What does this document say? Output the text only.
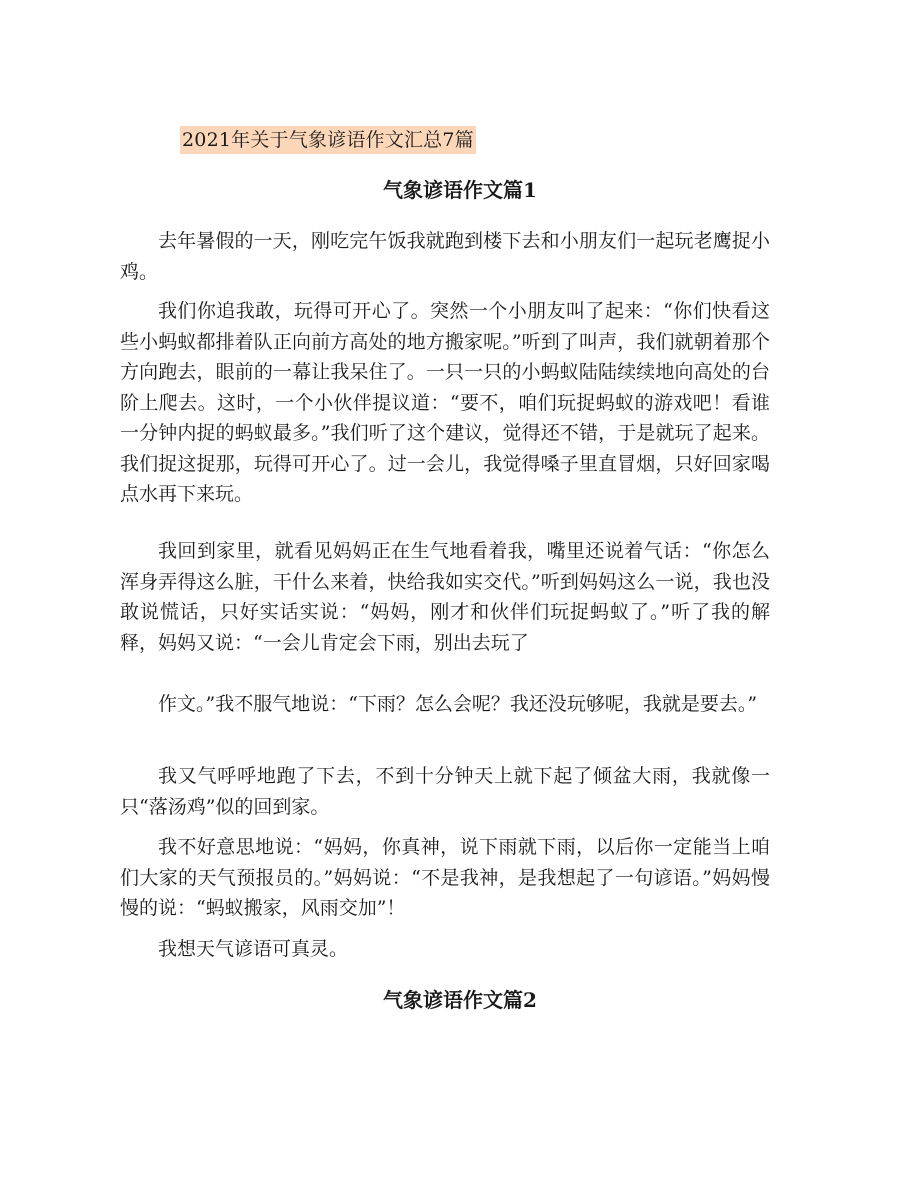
2021年关于气象谚语作文汇总7篇
气象谚语作文篇1

去年暑假的一天，刚吃完午饭我就跑到楼下去和小朋友们一起玩老鹰捉小鸡。

我们你追我敢，玩得可开心了。突然一个小朋友叫了起来：“你们快看这些小蚂蚁都排着队正向前方高处的地方搬家呢。”听到了叫声，我们就朝着那个方向跑去，眼前的一幕让我呆住了。一只一只的小蚂蚁陆陆续续地向高处的台阶上爬去。这时，一个小伙伴提议道：“要不，咱们玩捉蚂蚁的游戏吧！看谁一分钟内捉的蚂蚁最多。”我们听了这个建议，觉得还不错，于是就玩了起来。我们捉这捉那，玩得可开心了。过一会儿，我觉得嗓子里直冒烟，只好回家喝点水再下来玩。

我回到家里，就看见妈妈正在生气地看着我，嘴里还说着气话：“你怎么浑身弄得这么脏，干什么来着，快给我如实交代。”听到妈妈这么一说，我也没敢说慌话，只好实话实说：“妈妈，刚才和伙伴们玩捉蚂蚁了。”听了我的解释，妈妈又说：“一会儿肯定会下雨，别出去玩了

作文。”我不服气地说：“下雨？怎么会呢？我还没玩够呢，我就是要去。”

我又气呼呼地跑了下去，不到十分钟天上就下起了倾盆大雨，我就像一只“落汤鸡”似的回到家。

我不好意思地说：“妈妈，你真神，说下雨就下雨，以后你一定能当上咱们大家的天气预报员的。”妈妈说：“不是我神，是我想起了一句谚语。”妈妈慢慢的说：“蚂蚁搬家，风雨交加”！

我想天气谚语可真灵。

气象谚语作文篇2
